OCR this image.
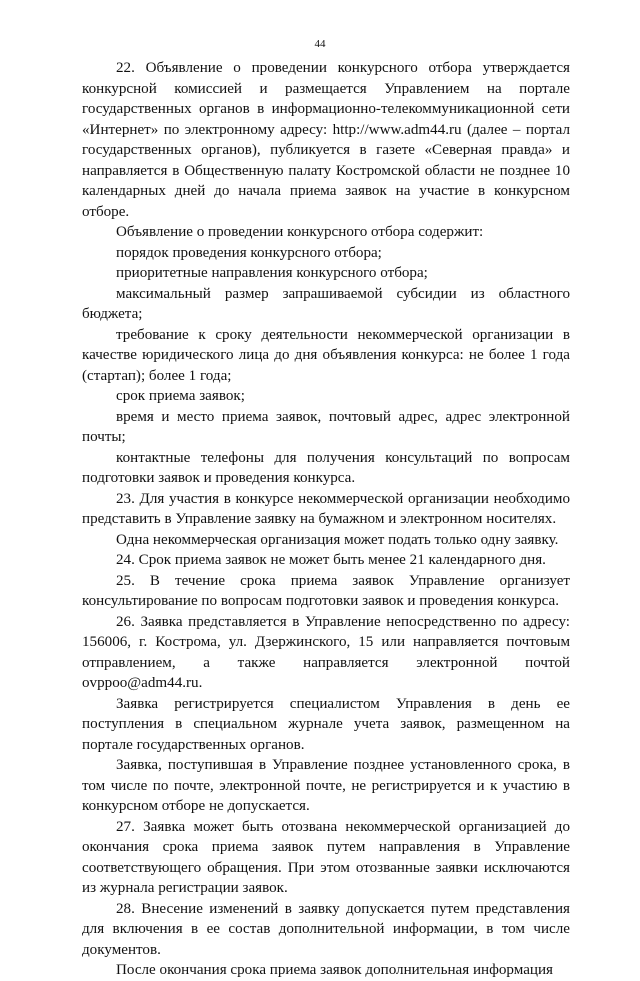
44

22. Объявление о проведении конкурсного отбора утверждается конкурсной комиссией и размещается Управлением на портале государственных органов в информационно-телекоммуникационной сети «Интернет» по электронному адресу: http://www.adm44.ru (далее – портал государственных органов), публикуется в газете «Северная правда» и направляется в Общественную палату Костромской области не позднее 10 календарных дней до начала приема заявок на участие в конкурсном отборе.

Объявление о проведении конкурсного отбора содержит:

порядок проведения конкурсного отбора;

приоритетные направления конкурсного отбора;

максимальный размер запрашиваемой субсидии из областного бюджета;

требование к сроку деятельности некоммерческой организации в качестве юридического лица до дня объявления конкурса: не более 1 года (стартап); более 1 года;

срок приема заявок;

время и место приема заявок, почтовый адрес, адрес электронной почты;

контактные телефоны для получения консультаций по вопросам подготовки заявок и проведения конкурса.

23. Для участия в конкурсе некоммерческой организации необходимо представить в Управление заявку на бумажном и электронном носителях.

Одна некоммерческая организация может подать только одну заявку.

24. Срок приема заявок не может быть менее 21 календарного дня.

25. В течение срока приема заявок Управление организует консультирование по вопросам подготовки заявок и проведения конкурса.

26. Заявка представляется в Управление непосредственно по адресу: 156006, г. Кострома, ул. Дзержинского, 15 или направляется почтовым отправлением, а также направляется электронной почтой ovppoo@adm44.ru.

Заявка регистрируется специалистом Управления в день ее поступления в специальном журнале учета заявок, размещенном на портале государственных органов.

Заявка, поступившая в Управление позднее установленного срока, в том числе по почте, электронной почте, не регистрируется и к участию в конкурсном отборе не допускается.

27. Заявка может быть отозвана некоммерческой организацией до окончания срока приема заявок путем направления в Управление соответствующего обращения. При этом отозванные заявки исключаются из журнала регистрации заявок.

28. Внесение изменений в заявку допускается путем представления для включения в ее состав дополнительной информации, в том числе документов.

После окончания срока приема заявок дополнительная информация
